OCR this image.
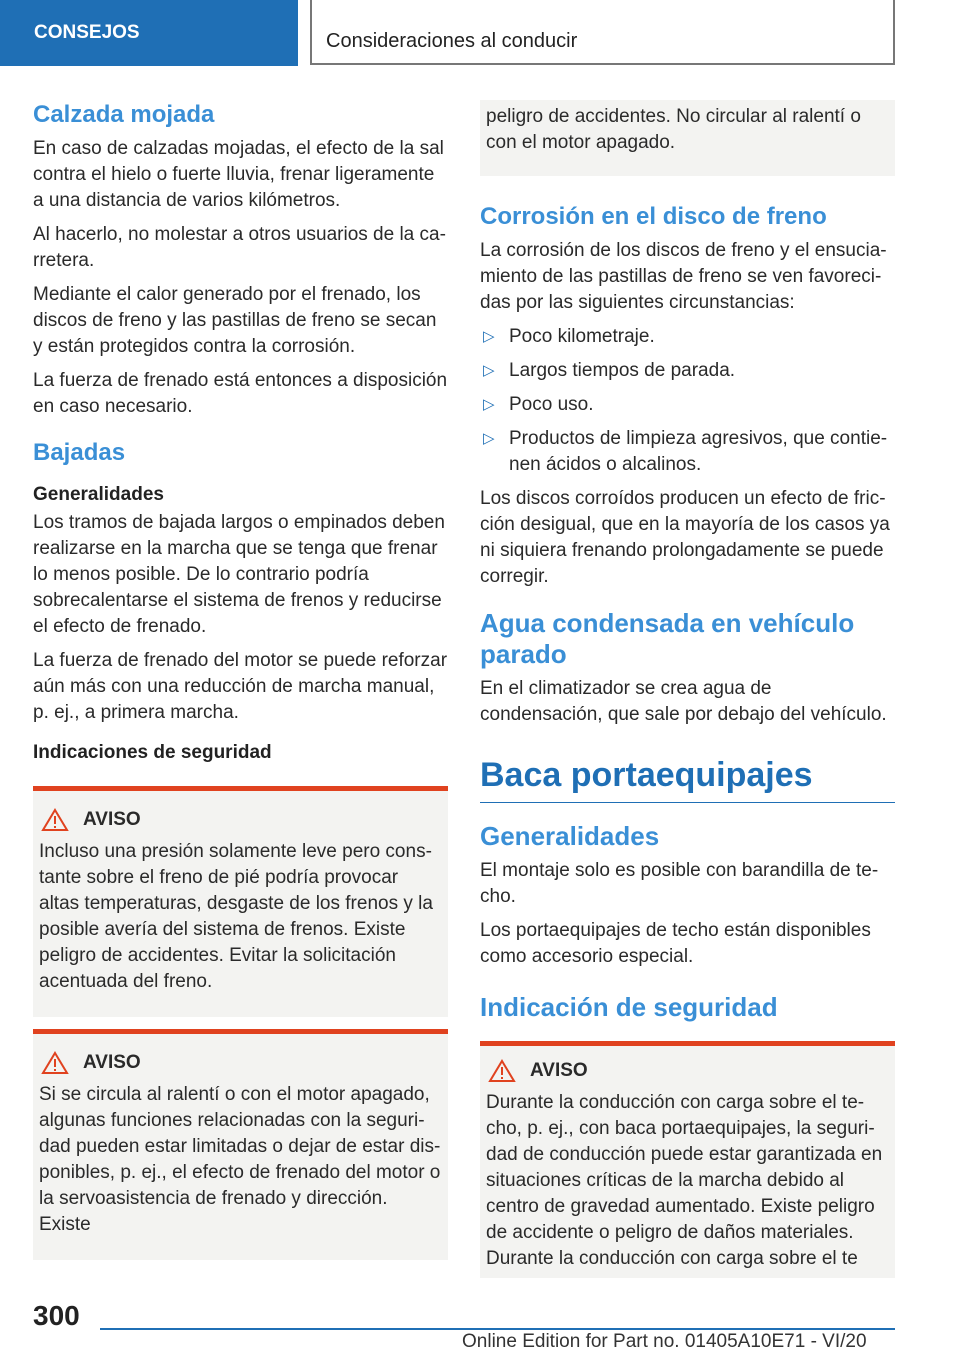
CONSEJOS	Consideraciones al conducir
Calzada mojada

En caso de calzadas mojadas, el efecto de la sal contra el hielo o fuerte lluvia, frenar ligeramente a una distancia de varios kilómetros.

Al hacerlo, no molestar a otros usuarios de la carretera.

Mediante el calor generado por el frenado, los discos de freno y las pastillas de freno se secan y están protegidos contra la corrosión.

La fuerza de frenado está entonces a disposición en caso necesario.

Bajadas
Generalidades

Los tramos de bajada largos o empinados deben realizarse en la marcha que se tenga que frenar lo menos posible. De lo contrario podría sobrecalentarse el sistema de frenos y reducirse el efecto de frenado.

La fuerza de frenado del motor se puede reforzar aún más con una reducción de marcha manual, p. ej., a primera marcha.

Indicaciones de seguridad
AVISO

Incluso una presión solamente leve pero constante sobre el freno de pié podría provocar altas temperaturas, desgaste de los frenos y la posible avería del sistema de frenos. Existe peligro de accidentes. Evitar la solicitación acentuada del freno.

AVISO

Si se circula al ralentí o con el motor apagado, algunas funciones relacionadas con la seguridad pueden estar limitadas o dejar de estar disponibles, p. ej., el efecto de frenado del motor o la servoasistencia de frenado y dirección. Existe

peligro de accidentes. No circular al ralentí o con el motor apagado.

Corrosión en el disco de freno

La corrosión de los discos de freno y el ensuciamiento de las pastillas de freno se ven favorecidas por las siguientes circunstancias:

▷ Poco kilometraje.
▷ Largos tiempos de parada.
▷ Poco uso.
▷ Productos de limpieza agresivos, que contienen ácidos o alcalinos.

Los discos corroídos producen un efecto de fricción desigual, que en la mayoría de los casos ya ni siquiera frenando prolongadamente se puede corregir.

Agua condensada en vehículo parado

En el climatizador se crea agua de condensación, que sale por debajo del vehículo.

Baca portaequipajes
Generalidades

El montaje solo es posible con barandilla de techo.

Los portaequipajes de techo están disponibles como accesorio especial.

Indicación de seguridad
AVISO

Durante la conducción con carga sobre el techo, p. ej., con baca portaequipajes, la seguridad de conducción puede estar garantizada en situaciones críticas de la marcha debido al centro de gravedad aumentado. Existe peligro de accidente o peligro de daños materiales. Durante la conducción con carga sobre el te

300
Online Edition for Part no. 01405A10E71 - VI/20
